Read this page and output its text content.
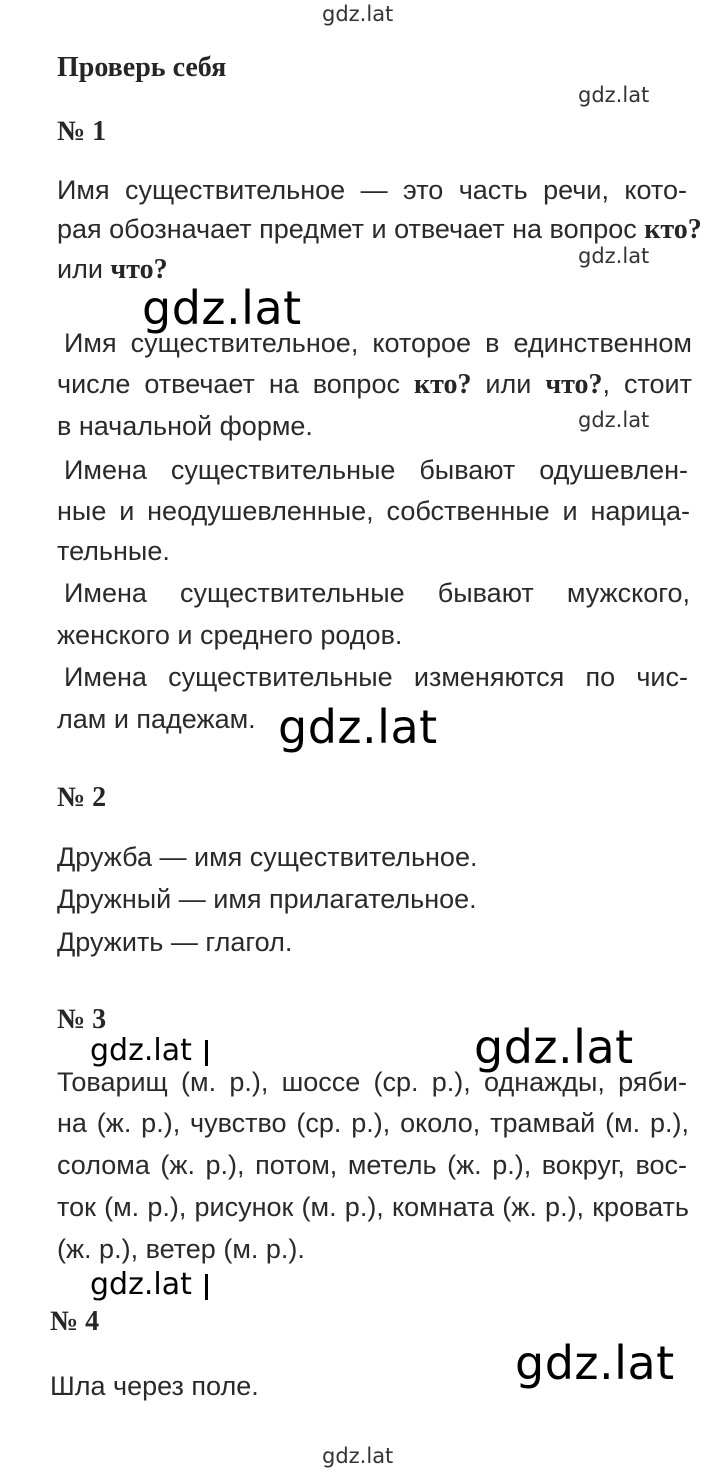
Проверь себя
№ 1
Имя существительное — это часть речи, кото-
рая обозначает предмет и отвечает на вопрос кто?
или что?
Имя существительное, которое в единственном
числе отвечает на вопрос кто? или что?, стоит
в начальной форме.
Имена существительные бывают одушевлен-
ные и неодушевленные, собственные и нарица-
тельные.
Имена существительные бывают мужского,
женского и среднего родов.
Имена существительные изменяются по чис-
лам и падежам.
№ 2
Дружба — имя существительное.
Дружный — имя прилагательное.
Дружить — глагол.
№ 3
Товарищ (м. р.), шоссе (ср. р.), однажды, ряби-
на (ж. р.), чувство (ср. р.), около, трамвай (м. р.),
солома (ж. р.), потом, метель (ж. р.), вокруг, вос-
ток (м. р.), рисунок (м. р.), комната (ж. р.), кровать
(ж. р.), ветер (м. р.).
№ 4
Шла через поле.
gdz.lat
gdz.lat
gdz.lat
gdz.lat
gdz.lat
gdz.lat
gdz.lat
gdz.lat
gdz.lat
gdz.lat
gdz.lat
